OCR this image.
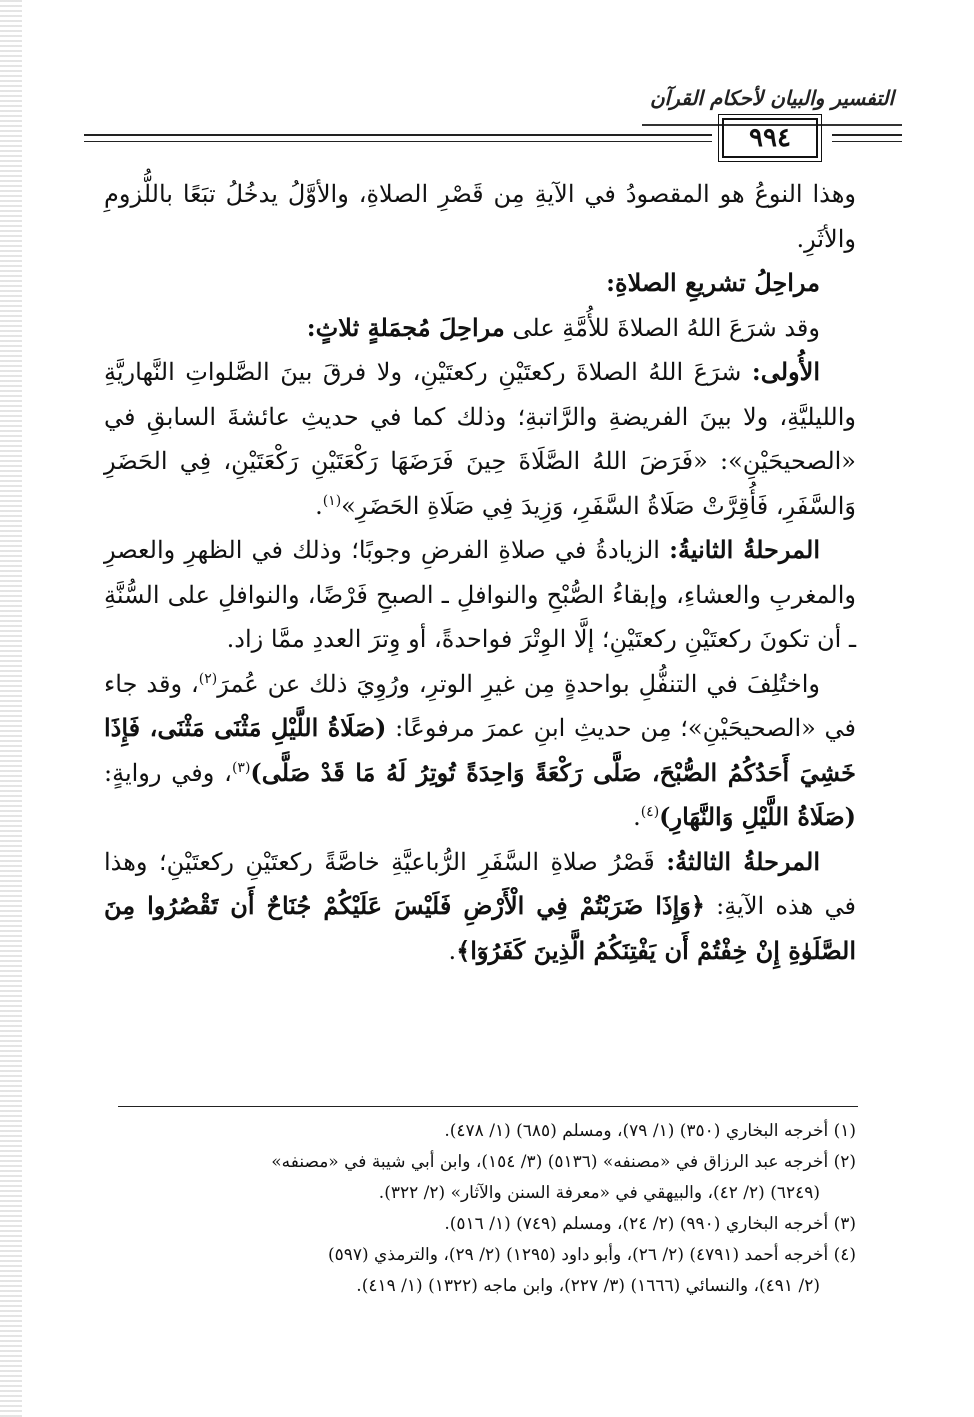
التفسير والبيان لأحكام القرآن
٩٩٤

وهذا النوعُ هو المقصودُ في الآيةِ مِن قَصْرِ الصلاةِ، والأوَّلُ يدخُلُ تبَعًا باللُّزومِ والأثَرِ.

مراحِلُ تشريعِ الصلاةِ:

وقد شرَعَ اللهُ الصلاةَ للأُمَّةِ على مراحِلَ مُجمَلةٍ ثلاثٍ:

الأُولى: شرَعَ اللهُ الصلاةَ ركعتَيْنِ ركعتَيْنِ، ولا فرقَ بينَ الصَّلواتِ النَّهاريَّةِ والليليَّةِ، ولا بينَ الفريضةِ والرَّاتبةِ؛ وذلك كما في حديثِ عائشةَ السابقِ في «الصحيحَيْنِ»: «فَرَضَ اللهُ الصَّلَاةَ حِينَ فَرَضَهَا رَكْعَتَيْنِ رَكْعَتَيْنِ، فِي الحَضَرِ وَالسَّفَرِ، فَأُقِرَّتْ صَلَاةُ السَّفَرِ، وَزِيدَ فِي صَلَاةِ الحَضَرِ»$^{(١)}$.

المرحلةُ الثانيةُ: الزيادةُ في صلاةِ الفرضِ وجوبًا؛ وذلك في الظهرِ والعصرِ والمغربِ والعشاءِ، وإبقاءُ الصُّبْحِ والنوافلِ ـ الصبحِ فَرْضًا، والنوافلِ على السُّنَّةِ ـ أن تكونَ ركعتَيْنِ ركعتَيْنِ؛ إلَّا الوِتْرَ فواحدةً، أو وِترَ العددِ ممَّا زاد.

واختُلِفَ في التنفُّلِ بواحدةٍ مِن غيرِ الوترِ، ورُوِيَ ذلك عن عُمرَ$^{(٢)}$، وقد جاء في «الصحيحَيْنِ»؛ مِن حديثِ ابنِ عمرَ مرفوعًا: (صَلَاةُ اللَّيْلِ مَثْنَى مَثْنَى، فَإِذَا خَشِيَ أَحَدُكُمُ الصُّبْحَ، صَلَّى رَكْعَةً وَاحِدَةً تُوتِرُ لَهُ مَا قَدْ صَلَّى)$^{(٣)}$، وفي روايةٍ: (صَلَاةُ اللَّيْلِ وَالنَّهَارِ)$^{(٤)}$.

المرحلةُ الثالثةُ: قَصْرُ صلاةِ السَّفَرِ الرُّباعيَّةِ خاصَّةً ركعتَيْنِ ركعتَيْنِ؛ وهذا في هذه الآيةِ: ﴿وَإِذَا ضَرَبْتُمْ فِي الْأَرْضِ فَلَيْسَ عَلَيْكُمْ جُنَاحٌ أَن تَقْصُرُوا مِنَ الصَّلَوٰةِ إِنْ خِفْتُمْ أَن يَفْتِنَكُمُ الَّذِينَ كَفَرُوٓا﴾.

(١) أخرجه البخاري (٣٥٠) (١/ ٧٩)، ومسلم (٦٨٥) (١/ ٤٧٨).

(٢) أخرجه عبد الرزاق في «مصنفه» (٥١٣٦) (٣/ ١٥٤)، وابن أبي شيبة في «مصنفه»

(٦٢٤٩) (٢/ ٤٢)، والبيهقي في «معرفة السنن والآثار» (٢/ ٣٢٢).

(٣) أخرجه البخاري (٩٩٠) (٢/ ٢٤)، ومسلم (٧٤٩) (١/ ٥١٦).

(٤) أخرجه أحمد (٤٧٩١) (٢/ ٢٦)، وأبو داود (١٢٩٥) (٢/ ٢٩)، والترمذي (٥٩٧)

(٢/ ٤٩١)، والنسائي (١٦٦٦) (٣/ ٢٢٧)، وابن ماجه (١٣٢٢) (١/ ٤١٩).
